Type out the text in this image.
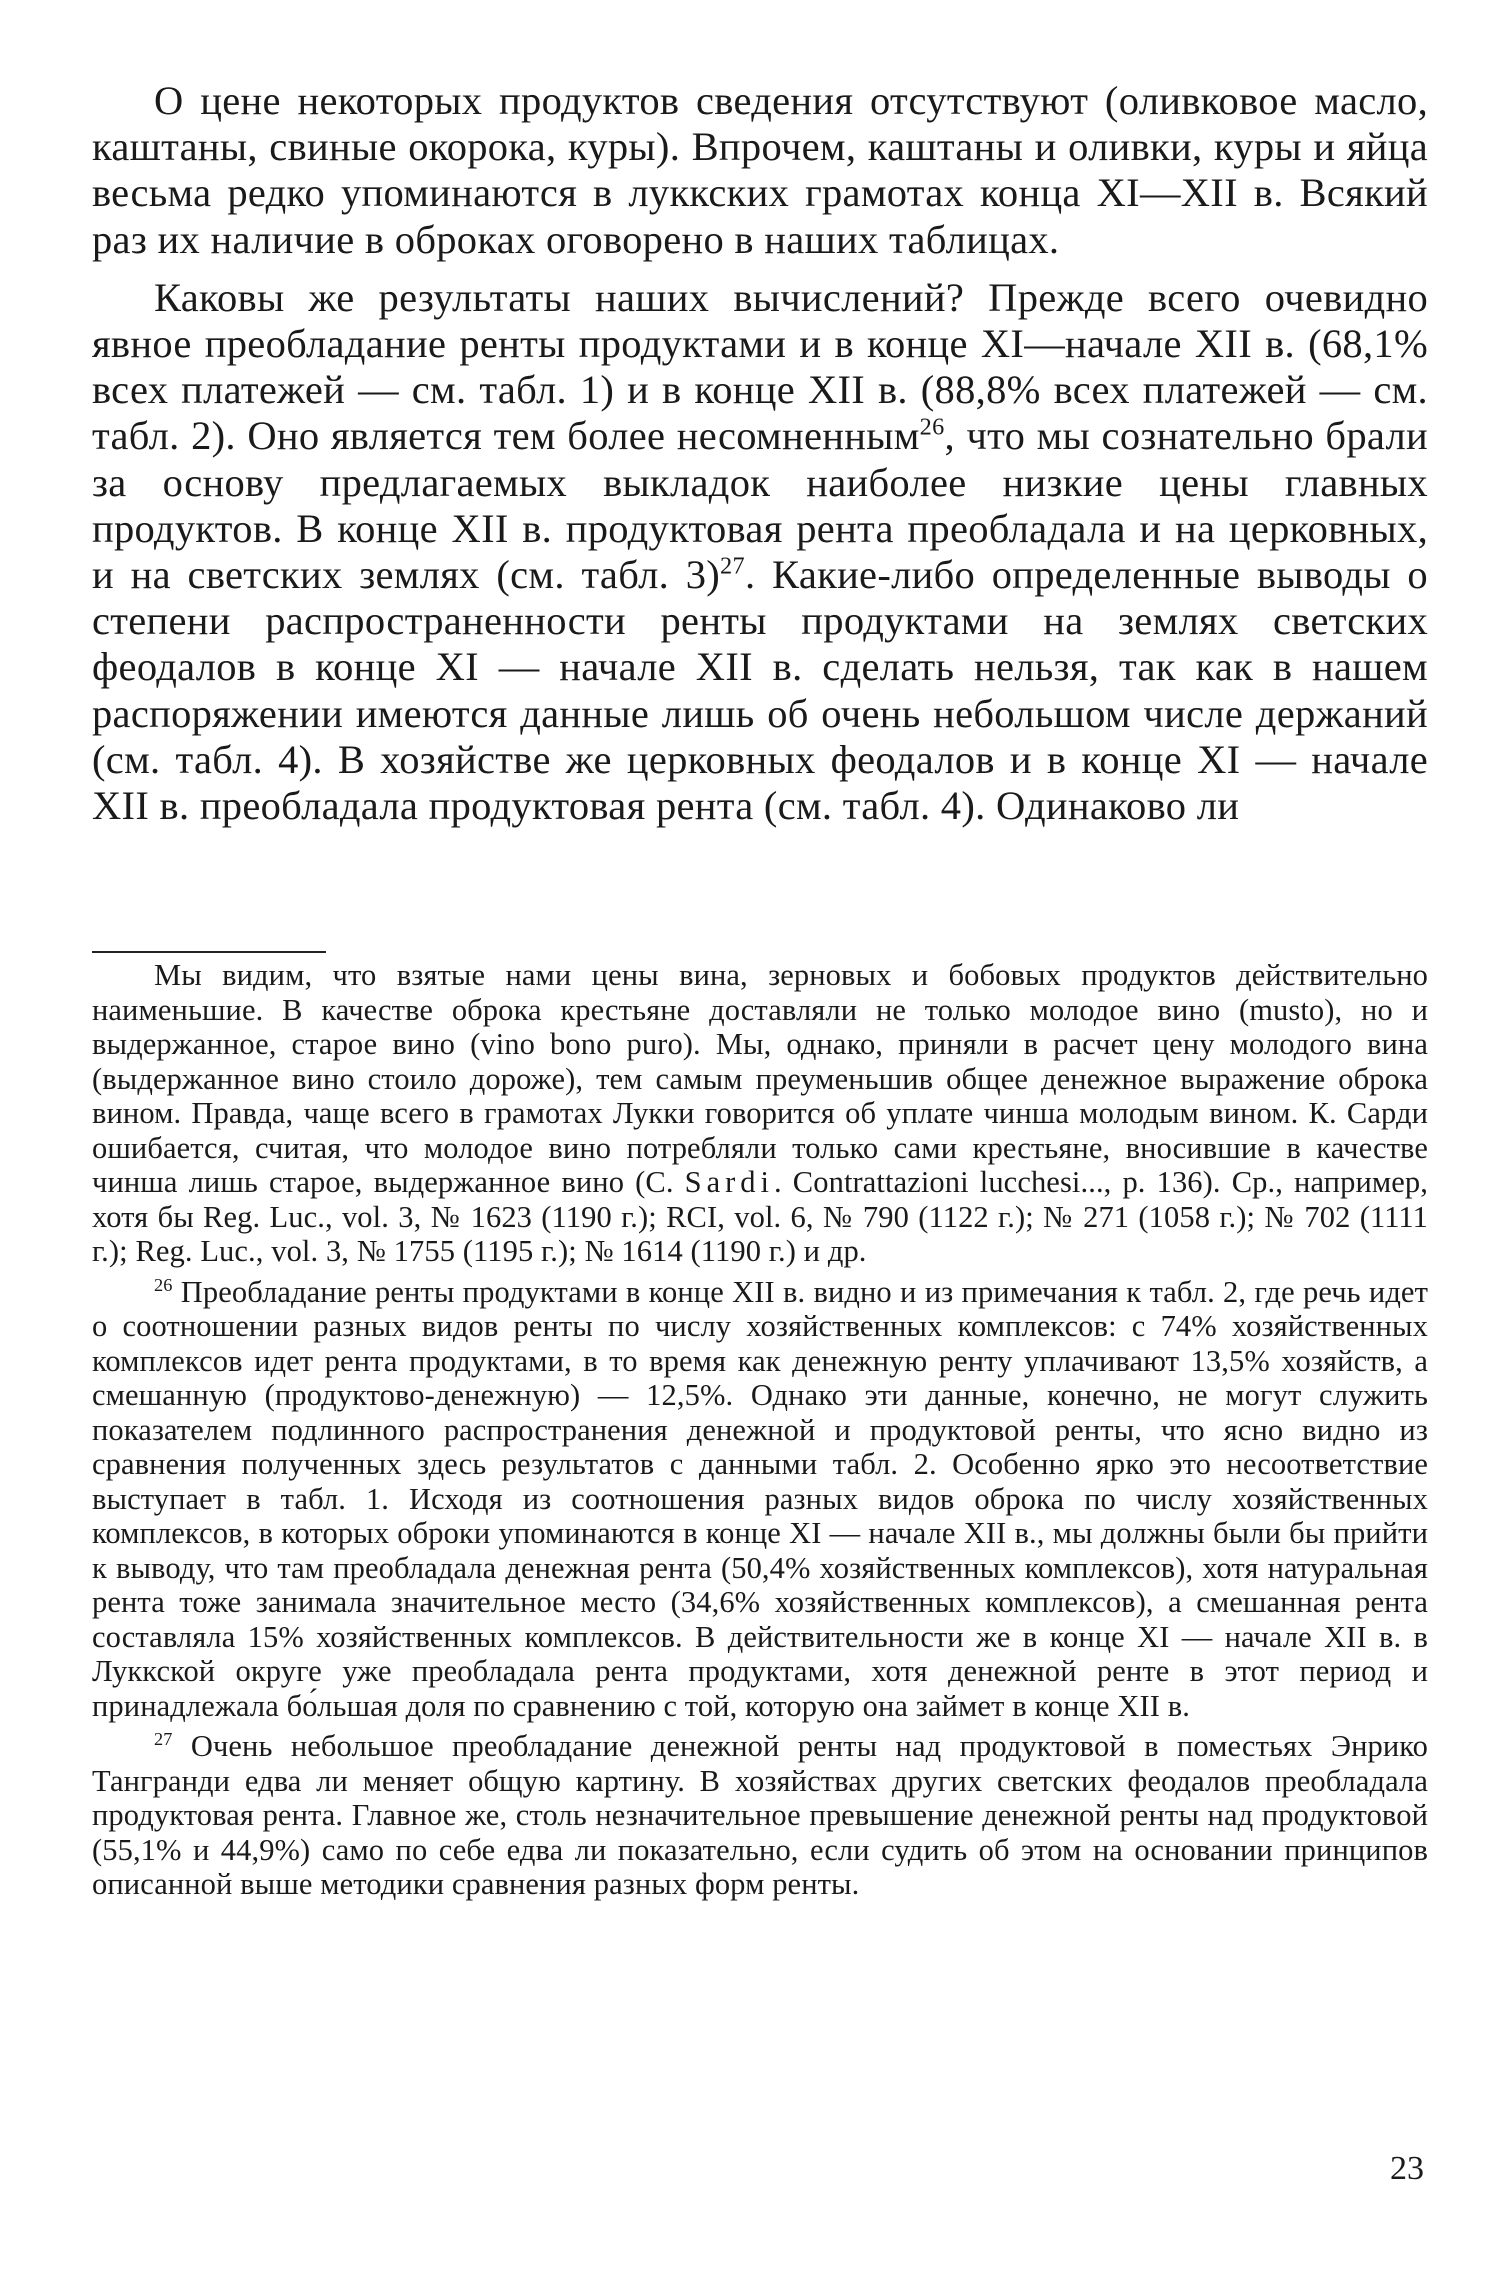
О цене некоторых продуктов сведения отсутствуют (оливковое масло, каштаны, свиные окорока, куры). Впрочем, каштаны и оливки, куры и яйца весьма редко упоминаются в луккских грамотах конца XI—XII в. Всякий раз их наличие в оброках оговорено в наших таблицах.

Каковы же результаты наших вычислений? Прежде всего очевидно явное преобладание ренты продуктами и в конце XI—начале XII в. (68,1% всех платежей — см. табл. 1) и в конце XII в. (88,8% всех платежей — см. табл. 2). Оно является тем более несомненным$^{26}$, что мы сознательно брали за основу предлагаемых выкладок наиболее низкие цены главных продуктов. В конце XII в. продуктовая рента преобладала и на церковных, и на светских землях (см. табл. 3)$^{27}$. Какие-либо определенные выводы о степени распространенности ренты продуктами на землях светских феодалов в конце XI — начале XII в. сделать нельзя, так как в нашем распоряжении имеются данные лишь об очень небольшом числе держаний (см. табл. 4). В хозяйстве же церковных феодалов и в конце XI — начале XII в. преобладала продуктовая рента (см. табл. 4). Одинаково ли

Мы видим, что взятые нами цены вина, зерновых и бобовых продуктов действительно наименьшие. В качестве оброка крестьяне доставляли не только молодое вино (musto), но и выдержанное, старое вино (vino bono puro). Мы, однако, приняли в расчет цену молодого вина (выдержанное вино стоило дороже), тем самым преуменьшив общее денежное выражение оброка вином. Правда, чаще всего в грамотах Лукки говорится об уплате чинша молодым вином. К. Сарди ошибается, считая, что молодое вино потребляли только сами крестьяне, вносившие в качестве чинша лишь старое, выдержанное вино (C. Sardi. Contrattazioni lucchesi..., p. 136). Ср., например, хотя бы Reg. Luc., vol. 3, № 1623 (1190 г.); RCI, vol. 6, № 790 (1122 г.); № 271 (1058 г.); № 702 (1111 г.); Reg. Luc., vol. 3, № 1755 (1195 г.); № 1614 (1190 г.) и др.

$^{26}$ Преобладание ренты продуктами в конце XII в. видно и из примечания к табл. 2, где речь идет о соотношении разных видов ренты по числу хозяйственных комплексов: с 74% хозяйственных комплексов идет рента продуктами, в то время как денежную ренту уплачивают 13,5% хозяйств, а смешанную (продуктово-денежную) — 12,5%. Однако эти данные, конечно, не могут служить показателем подлинного распространения денежной и продуктовой ренты, что ясно видно из сравнения полученных здесь результатов с данными табл. 2. Особенно ярко это несоответствие выступает в табл. 1. Исходя из соотношения разных видов оброка по числу хозяйственных комплексов, в которых оброки упоминаются в конце XI — начале XII в., мы должны были бы прийти к выводу, что там преобладала денежная рента (50,4% хозяйственных комплексов), хотя натуральная рента тоже занимала значительное место (34,6% хозяйственных комплексов), а смешанная рента составляла 15% хозяйственных комплексов. В действительности же в конце XI — начале XII в. в Луккской округе уже преобладала рента продуктами, хотя денежной ренте в этот период и принадлежала бо́льшая доля по сравнению с той, которую она займет в конце XII в.

$^{27}$ Очень небольшое преобладание денежной ренты над продуктовой в поместьях Энрико Тангранди едва ли меняет общую картину. В хозяйствах других светских феодалов преобладала продуктовая рента. Главное же, столь незначительное превышение денежной ренты над продуктовой (55,1% и 44,9%) само по себе едва ли показательно, если судить об этом на основании принципов описанной выше методики сравнения разных форм ренты.

23
